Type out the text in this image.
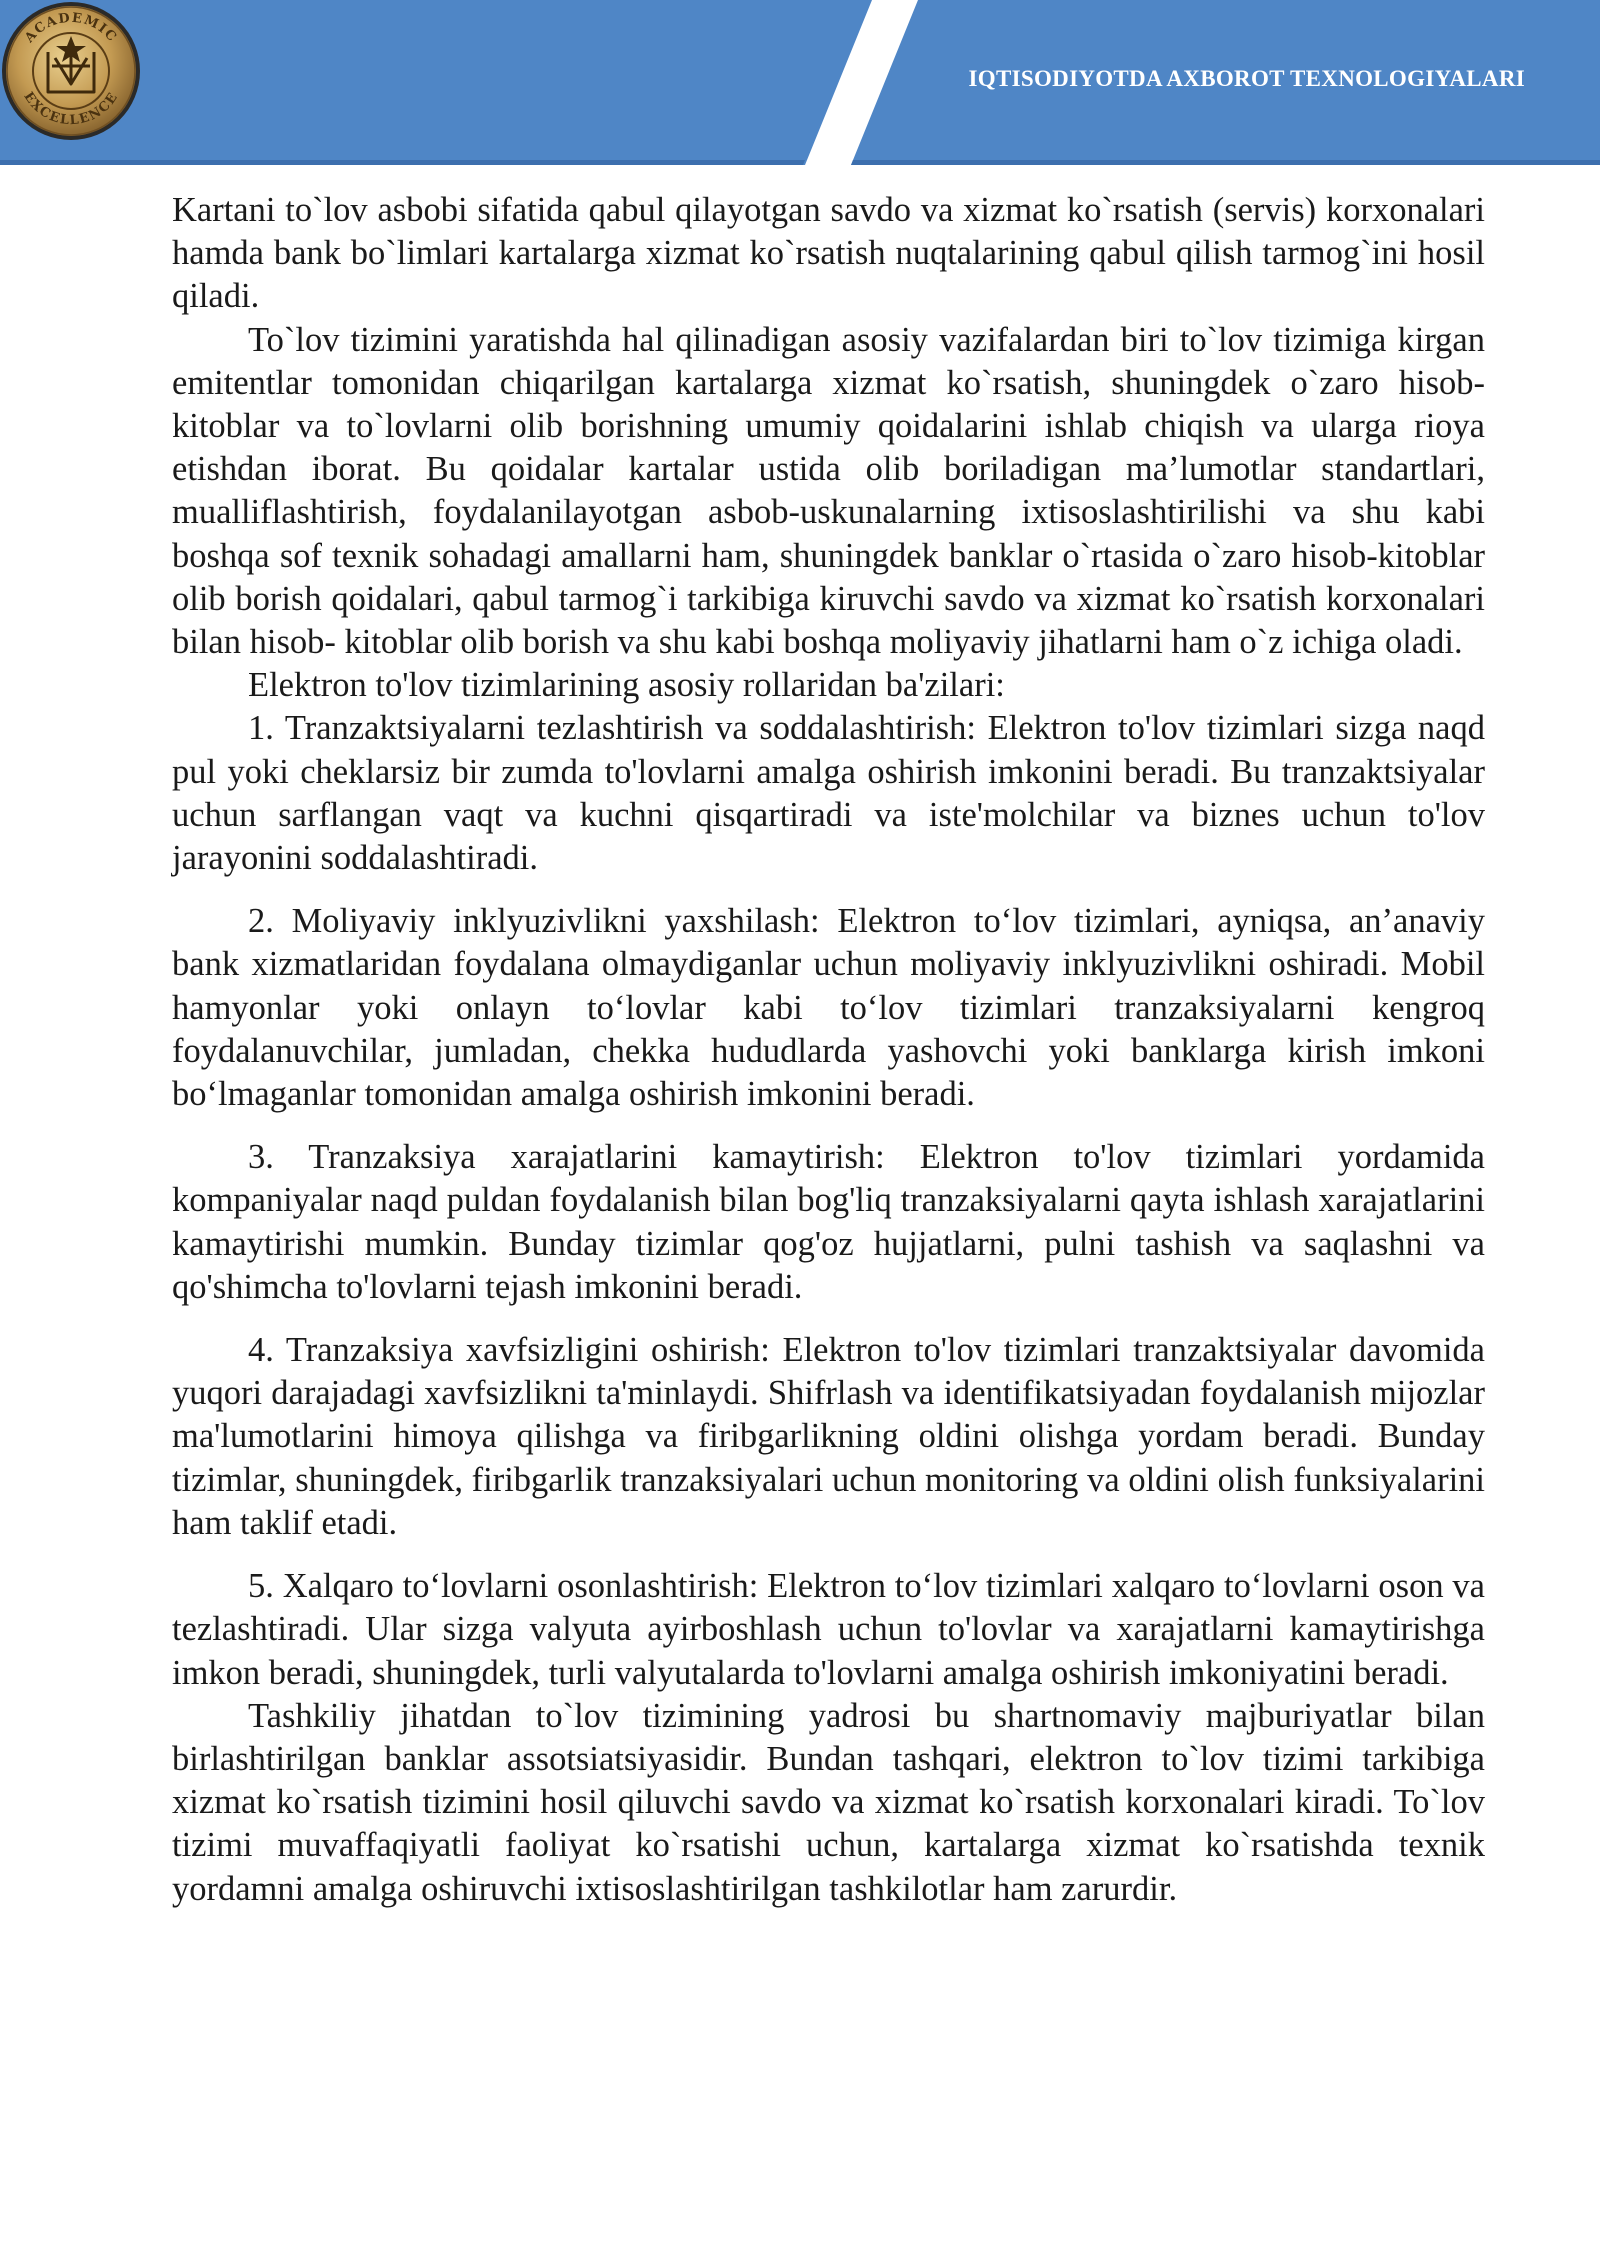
ACADEMIC
EXCELLENCE
IQTISODIYOTDA AXBOROT TEXNOLOGIYALARI

Kartani to`lov asbobi sifatida qabul qilayotgan savdo va xizmat ko`rsatish (servis) korxonalari hamda bank bo`limlari kartalarga xizmat ko`rsatish nuqtalarining qabul qilish tarmog`ini hosil qiladi.

To`lov tizimini yaratishda hal qilinadigan asosiy vazifalardan biri to`lov tizimiga kirgan emitentlar tomonidan chiqarilgan kartalarga xizmat ko`rsatish, shuningdek o`zaro hisob-kitoblar va to`lovlarni olib borishning umumiy qoidalarini ishlab chiqish va ularga rioya etishdan iborat. Bu qoidalar kartalar ustida olib boriladigan ma’lumotlar standartlari, mualliflashtirish, foydalanilayotgan asbob-uskunalarning ixtisoslashtirilishi va shu kabi boshqa sof texnik sohadagi amallarni ham, shuningdek banklar o`rtasida o`zaro hisob-kitoblar olib borish qoidalari, qabul tarmog`i tarkibiga kiruvchi savdo va xizmat ko`rsatish korxonalari bilan hisob- kitoblar olib borish va shu kabi boshqa moliyaviy jihatlarni ham o`z ichiga oladi.

Elektron to'lov tizimlarining asosiy rollaridan ba'zilari:

1. Tranzaktsiyalarni tezlashtirish va soddalashtirish: Elektron to'lov tizimlari sizga naqd pul yoki cheklarsiz bir zumda to'lovlarni amalga oshirish imkonini beradi. Bu tranzaktsiyalar uchun sarflangan vaqt va kuchni qisqartiradi va iste'molchilar va biznes uchun to'lov jarayonini soddalashtiradi.

2. Moliyaviy inklyuzivlikni yaxshilash: Elektron to‘lov tizimlari, ayniqsa, an’anaviy bank xizmatlaridan foydalana olmaydiganlar uchun moliyaviy inklyuzivlikni oshiradi. Mobil hamyonlar yoki onlayn to‘lovlar kabi to‘lov tizimlari tranzaksiyalarni kengroq foydalanuvchilar, jumladan, chekka hududlarda yashovchi yoki banklarga kirish imkoni bo‘lmaganlar tomonidan amalga oshirish imkonini beradi.

3. Tranzaksiya xarajatlarini kamaytirish: Elektron to'lov tizimlari yordamida kompaniyalar naqd puldan foydalanish bilan bog'liq tranzaksiyalarni qayta ishlash xarajatlarini kamaytirishi mumkin. Bunday tizimlar qog'oz hujjatlarni, pulni tashish va saqlashni va qo'shimcha to'lovlarni tejash imkonini beradi.

4. Tranzaksiya xavfsizligini oshirish: Elektron to'lov tizimlari tranzaktsiyalar davomida yuqori darajadagi xavfsizlikni ta'minlaydi. Shifrlash va identifikatsiyadan foydalanish mijozlar ma'lumotlarini himoya qilishga va firibgarlikning oldini olishga yordam beradi. Bunday tizimlar, shuningdek, firibgarlik tranzaksiyalari uchun monitoring va oldini olish funksiyalarini ham taklif etadi.

5. Xalqaro to‘lovlarni osonlashtirish: Elektron to‘lov tizimlari xalqaro to‘lovlarni oson va tezlashtiradi. Ular sizga valyuta ayirboshlash uchun to'lovlar va xarajatlarni kamaytirishga imkon beradi, shuningdek, turli valyutalarda to'lovlarni amalga oshirish imkoniyatini beradi.

Tashkiliy jihatdan to`lov tizimining yadrosi bu shartnomaviy majburiyatlar bilan birlashtirilgan banklar assotsiatsiyasidir. Bundan tashqari, elektron to`lov tizimi tarkibiga xizmat ko`rsatish tizimini hosil qiluvchi savdo va xizmat ko`rsatish korxonalari kiradi. To`lov tizimi muvaffaqiyatli faoliyat ko`rsatishi uchun, kartalarga xizmat ko`rsatishda texnik yordamni amalga oshiruvchi ixtisoslashtirilgan tashkilotlar ham zarurdir.
